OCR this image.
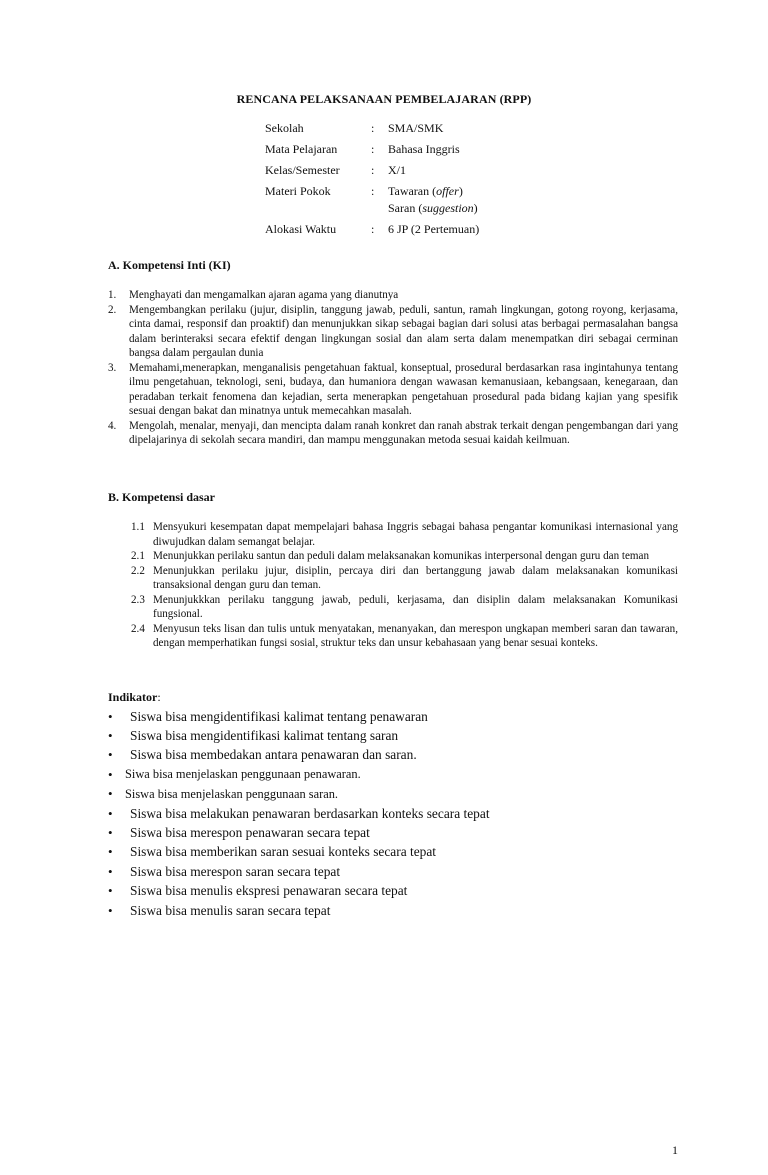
RENCANA PELAKSANAAN PEMBELAJARAN (RPP)
Sekolah	:	SMA/SMK
Mata Pelajaran	:	Bahasa Inggris
Kelas/Semester	:	X/1
Materi Pokok	:	Tawaran (offer)
Saran (suggestion)
Alokasi Waktu	:	6 JP (2 Pertemuan)
A. Kompetensi Inti (KI)
1.	Menghayati dan mengamalkan ajaran agama yang dianutnya
2.	Mengembangkan perilaku (jujur, disiplin, tanggung jawab, peduli, santun, ramah lingkungan, gotong royong, kerjasama, cinta damai, responsif dan proaktif) dan menunjukkan sikap sebagai bagian dari solusi atas berbagai permasalahan bangsa dalam berinteraksi secara efektif dengan lingkungan sosial dan alam serta dalam menempatkan diri sebagai cerminan bangsa dalam pergaulan dunia
3.	Memahami,menerapkan, menganalisis pengetahuan faktual, konseptual, prosedural berdasarkan rasa ingintahunya tentang ilmu pengetahuan, teknologi, seni, budaya, dan humaniora dengan wawasan kemanusiaan, kebangsaan, kenegaraan, dan peradaban terkait fenomena dan kejadian, serta menerapkan pengetahuan prosedural pada bidang kajian yang spesifik sesuai dengan bakat dan minatnya untuk memecahkan masalah.
4.	Mengolah, menalar, menyaji, dan mencipta dalam ranah konkret dan ranah abstrak terkait dengan pengembangan dari yang dipelajarinya di sekolah secara mandiri, dan mampu menggunakan metoda sesuai kaidah keilmuan.
B. Kompetensi dasar
1.1 Mensyukuri kesempatan dapat mempelajari bahasa Inggris sebagai bahasa pengantar komunikasi internasional yang diwujudkan dalam semangat belajar.
2.1 Menunjukkan perilaku santun dan peduli dalam melaksanakan komunikas interpersonal dengan guru dan teman
2.2 Menunjukkan perilaku jujur, disiplin, percaya diri dan bertanggung jawab dalam melaksanakan komunikasi transaksional dengan guru dan teman.
2.3 Menunjukkkan perilaku tanggung jawab, peduli, kerjasama, dan disiplin dalam melaksanakan Komunikasi fungsional.
2.4 Menyusun teks lisan dan tulis untuk menyatakan, menanyakan, dan merespon ungkapan memberi saran dan tawaran, dengan memperhatikan fungsi sosial, struktur teks dan unsur kebahasaan yang benar sesuai konteks.
Indikator:
•	Siswa bisa mengidentifikasi kalimat tentang penawaran
•	Siswa bisa mengidentifikasi kalimat tentang saran
•	Siswa bisa membedakan antara penawaran dan saran.
•	Siwa bisa menjelaskan penggunaan penawaran.
•	Siswa bisa menjelaskan penggunaan saran.
•	Siswa bisa melakukan penawaran berdasarkan konteks secara tepat
•	Siswa bisa merespon penawaran secara tepat
•	Siswa bisa memberikan saran sesuai konteks secara tepat
•	Siswa bisa merespon saran secara tepat
•	Siswa bisa menulis ekspresi penawaran secara tepat
•	Siswa bisa menulis saran secara tepat
1
